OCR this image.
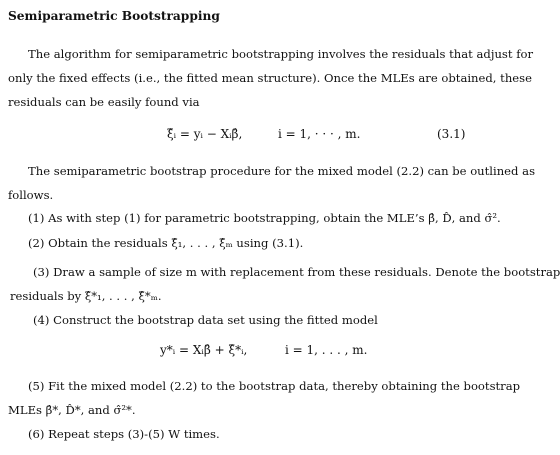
Semiparametric Bootstrapping
The algorithm for semiparametric bootstrapping involves the residuals that adjust for
only the fixed effects (i.e., the fitted mean structure). Once the MLEs are obtained, these
residuals can be easily found via
ξ̂ᵢ = yᵢ − Xᵢβ̂,	i = 1, · · · , m.	(3.1)
The semiparametric bootstrap procedure for the mixed model (2.2) can be outlined as
follows.
(1) As with step (1) for parametric bootstrapping, obtain the MLE’s β̂, D̂, and σ̂².
(2) Obtain the residuals ξ̂₁, . . . , ξ̂ₘ using (3.1).
(3) Draw a sample of size m with replacement from these residuals. Denote the bootstrap
residuals by ξ̂*₁, . . . , ξ̂*ₘ.
(4) Construct the bootstrap data set using the fitted model
y*ᵢ = Xᵢβ̂ + ξ̂*ᵢ,	i = 1, . . . , m.
(5) Fit the mixed model (2.2) to the bootstrap data, thereby obtaining the bootstrap
MLEs β̂*, D̂*, and σ̂²*.
(6) Repeat steps (3)-(5) W times.
